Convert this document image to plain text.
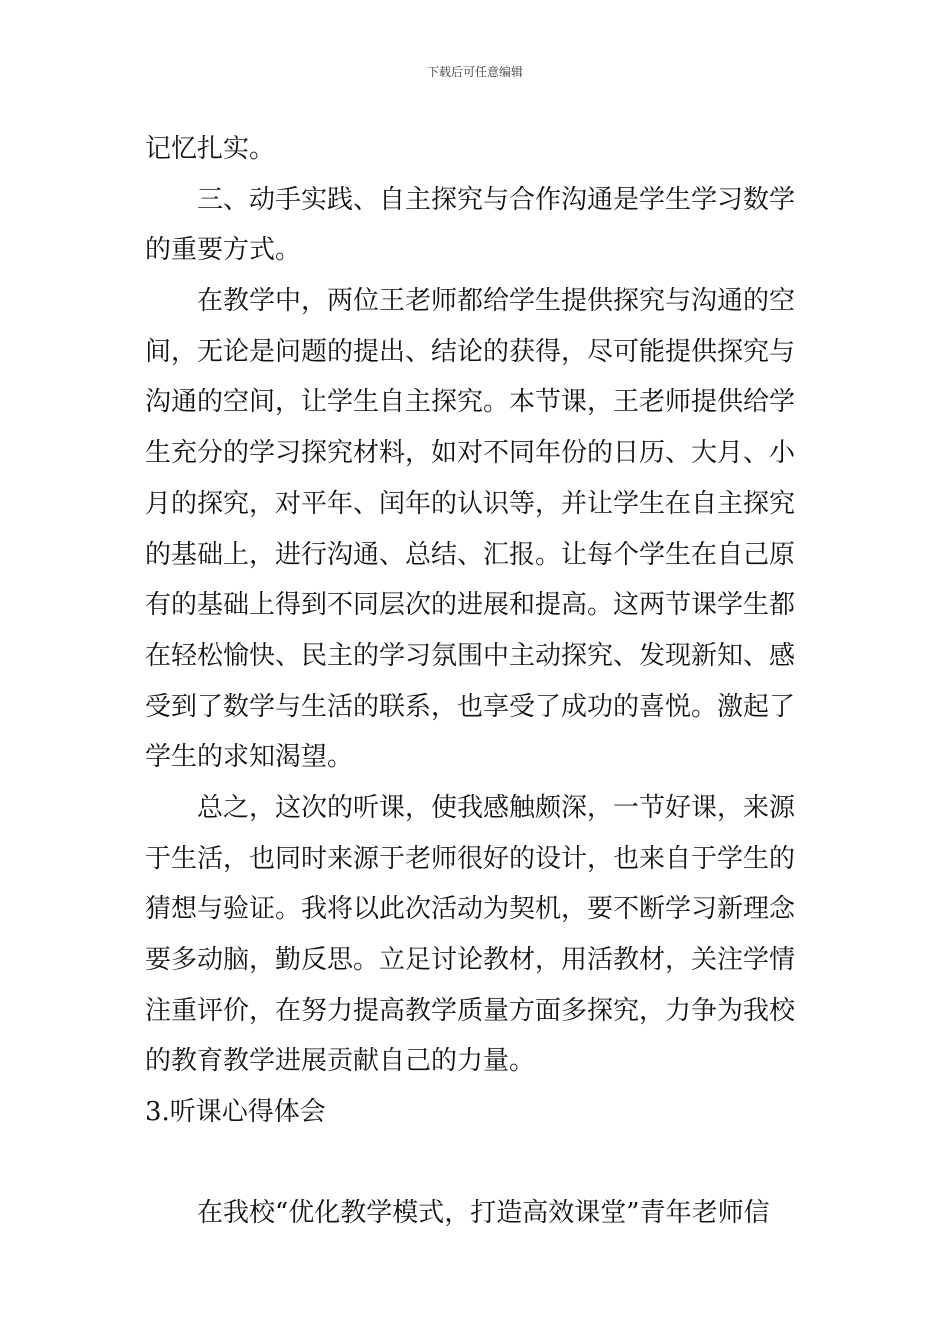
下载后可任意编辑
记忆扎实。
三、动手实践、自主探究与合作沟通是学生学习数学
的重要方式。
在教学中，两位王老师都给学生提供探究与沟通的空
间，无论是问题的提出、结论的获得，尽可能提供探究与
沟通的空间，让学生自主探究。本节课，王老师提供给学
生充分的学习探究材料，如对不同年份的日历、大月、小
月的探究，对平年、闰年的认识等，并让学生在自主探究
的基础上，进行沟通、总结、汇报。让每个学生在自己原
有的基础上得到不同层次的进展和提高。这两节课学生都
在轻松愉快、民主的学习氛围中主动探究、发现新知、感
受到了数学与生活的联系，也享受了成功的喜悦。激起了
学生的求知渴望。
总之，这次的听课，使我感触颇深，一节好课，来源
于生活，也同时来源于老师很好的设计，也来自于学生的
猜想与验证。我将以此次活动为契机，要不断学习新理念
要多动脑，勤反思。立足讨论教材，用活教材，关注学情
注重评价，在努力提高教学质量方面多探究，力争为我校
的教育教学进展贡献自己的力量。
3.听课心得体会
在我校“优化教学模式，打造高效课堂”青年老师信
